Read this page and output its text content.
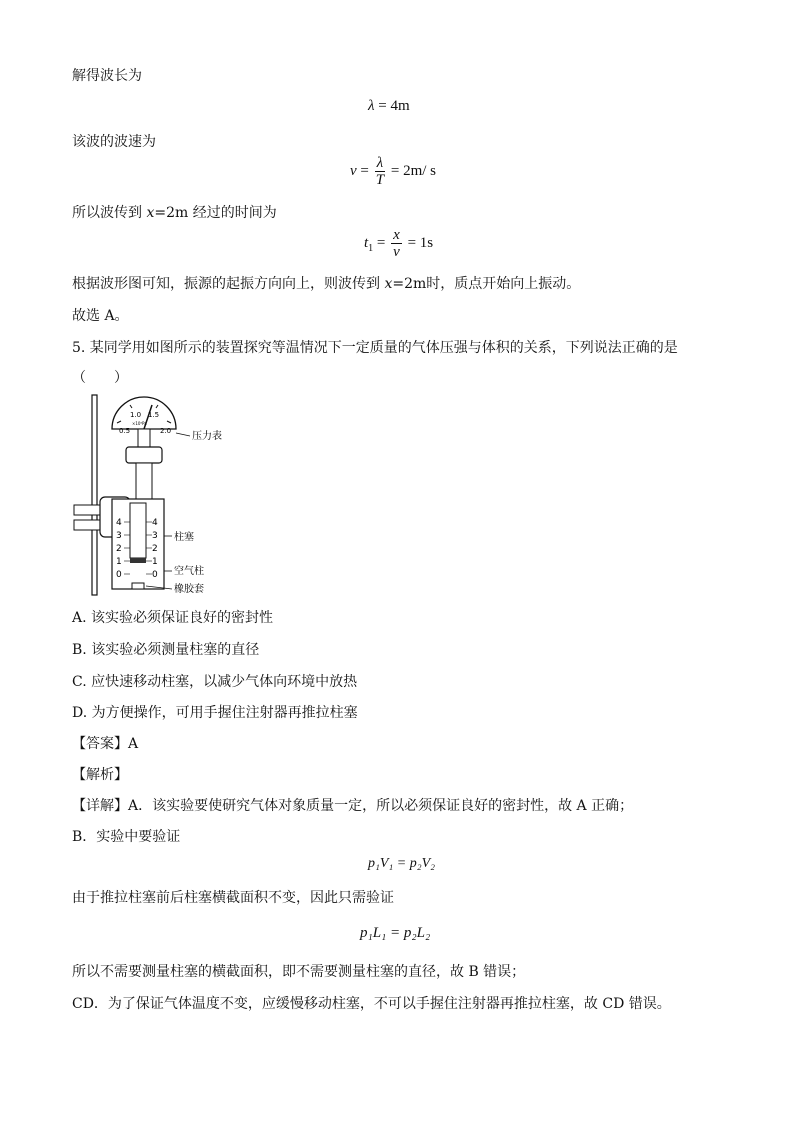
解得波长为
λ = 4m
该波的波速为
$v = \frac{\lambda}{T} = 2m/$ s
所以波传到 x=2m 经过的时间为
$t_1 = \frac{x}{v} = 1s$
根据波形图可知，振源的起振方向向上，则波传到 x=2m时，质点开始向上振动。
故选 A。
5. 某同学用如图所示的装置探究等温情况下一定质量的气体压强与体积的关系，下列说法正确的是
（　　）
0.5
1.0 1.5
2.0
×10⁵Pa
压力表
4
3
2
1
0
4
3
2
1
0
柱塞
空气柱
橡胶套
A. 该实验必须保证良好的密封性
B. 该实验必须测量柱塞的直径
C. 应快速移动柱塞，以减少气体向环境中放热
D. 为方便操作，可用手握住注射器再推拉柱塞
【答案】A
【解析】
【详解】A．该实验要使研究气体对象质量一定，所以必须保证良好的密封性，故 A 正确；
B．实验中要验证
p₁V₁ = p₂V₂
由于推拉柱塞前后柱塞横截面积不变，因此只需验证
p₁L₁ = p₂L₂
所以不需要测量柱塞的横截面积，即不需要测量柱塞的直径，故 B 错误；
CD．为了保证气体温度不变，应缓慢移动柱塞，不可以手握住注射器再推拉柱塞，故 CD 错误。
